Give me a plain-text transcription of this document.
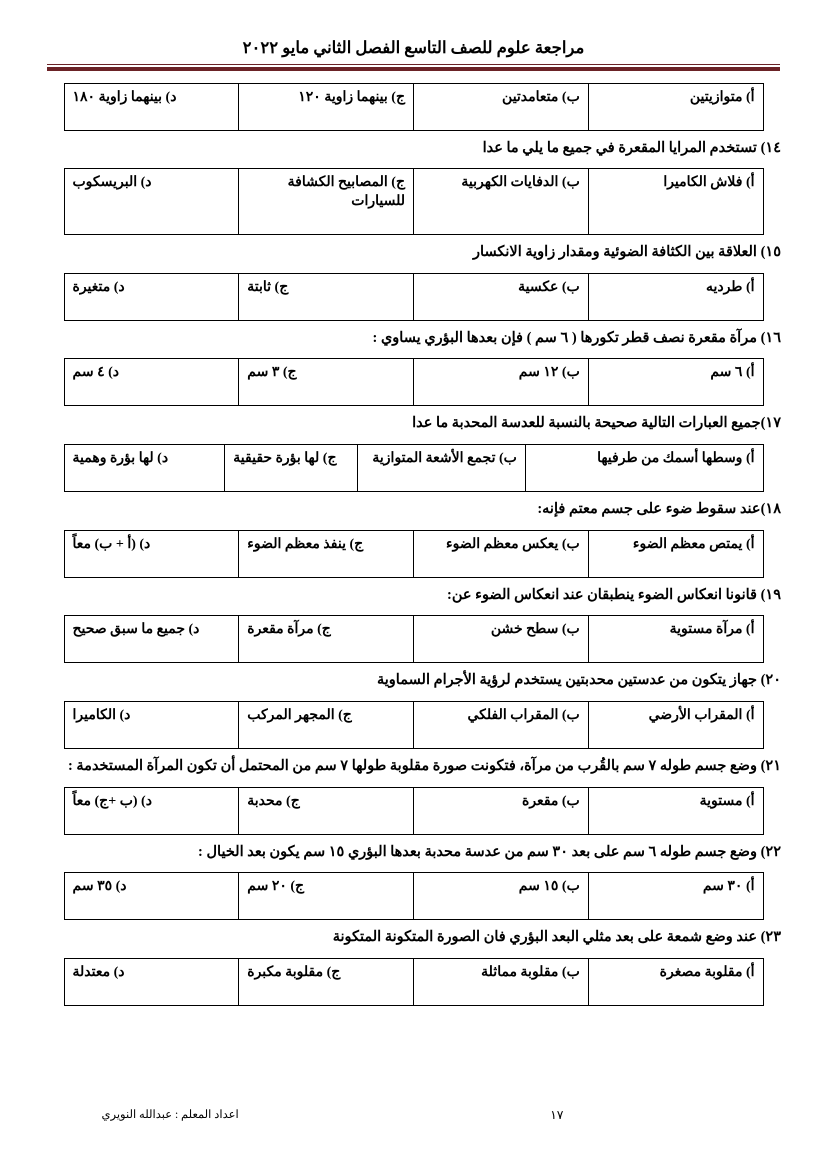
مراجعة علوم للصف التاسع الفصل الثاني مايو ٢٠٢٢
أ) متوازيتين	ب) متعامدتين	ج) بينهما زاوية ١٢٠	د) بينهما زاوية ١٨٠

١٤) تستخدم المرايا المقعرة في جميع ما يلي ما عدا

أ) فلاش الكاميرا	ب) الدفايات الكهربية	ج) المصابيح الكشافة للسيارات	د) البريسكوب

١٥) العلاقة بين الكثافة الضوئية ومقدار زاوية الانكسار

أ) طرديه	ب) عكسية	ج) ثابتة	د) متغيرة

١٦) مرآة مقعرة نصف قطر تكورها ( ٦ سم ) فإن بعدها البؤري يساوي :

أ) ٦ سم	ب) ١٢ سم	ج) ٣ سم	د) ٤ سم

١٧)جميع العبارات التالية صحيحة بالنسبة للعدسة المحدبة ما عدا

أ) وسطها أسمك من طرفيها	ب) تجمع الأشعة المتوازية	ج) لها بؤرة حقيقية	د) لها بؤرة وهمية

١٨)عند سقوط ضوء على جسم معتم فإنه:

أ) يمتص معظم الضوء	ب) يعكس معظم الضوء	ج) ينفذ معظم الضوء	د) (أ + ب) معاً

١٩) قانونا انعكاس الضوء ينطبقان عند انعكاس الضوء عن:

أ) مرآة مستوية	ب) سطح خشن	ج) مرآة مقعرة	د) جميع ما سبق صحيح

٢٠) جهاز يتكون من عدستين محدبتين يستخدم لرؤية الأجرام السماوية

أ) المقراب الأرضي	ب) المقراب الفلكي	ج) المجهر المركب	د) الكاميرا

٢١) وضع جسم طوله ٧ سم بالقُرب من مرآة، فتكونت صورة مقلوبة طولها ٧ سم من المحتمل أن تكون المرآة المستخدمة :

أ) مستوية	ب) مقعرة	ج) محدبة	د) (ب +ج) معاً

٢٢) وضع جسم طوله ٦ سم على بعد ٣٠ سم من عدسة محدبة بعدها البؤري ١٥ سم يكون بعد الخيال :

أ) ٣٠ سم	ب) ١٥ سم	ج) ٢٠ سم	د) ٣٥ سم

٢٣) عند وضع شمعة على بعد مثلي البعد البؤري فان الصورة المتكونة المتكونة

أ) مقلوبة مصغرة	ب) مقلوبة مماثلة	ج) مقلوبة مكبرة	د) معتدلة
١٧
اعداد المعلم : عبدالله النويري
